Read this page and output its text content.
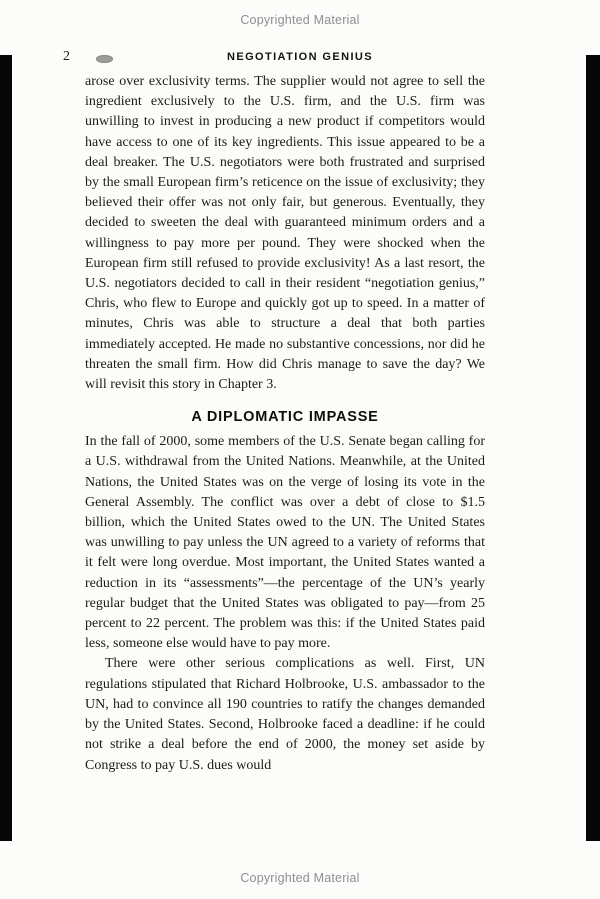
Copyrighted Material
2	NEGOTIATION GENIUS

arose over exclusivity terms. The supplier would not agree to sell the ingredient exclusively to the U.S. firm, and the U.S. firm was unwilling to invest in producing a new product if competitors would have access to one of its key ingredients. This issue appeared to be a deal breaker. The U.S. negotiators were both frustrated and surprised by the small European firm’s reticence on the issue of exclusivity; they believed their offer was not only fair, but generous. Eventually, they decided to sweeten the deal with guaranteed minimum orders and a willingness to pay more per pound. They were shocked when the European firm still refused to provide exclusivity! As a last resort, the U.S. negotiators decided to call in their resident “negotiation genius,” Chris, who flew to Europe and quickly got up to speed. In a matter of minutes, Chris was able to structure a deal that both parties immediately accepted. He made no substantive concessions, nor did he threaten the small firm. How did Chris manage to save the day? We will revisit this story in Chapter 3.

A DIPLOMATIC IMPASSE

In the fall of 2000, some members of the U.S. Senate began calling for a U.S. withdrawal from the United Nations. Meanwhile, at the United Nations, the United States was on the verge of losing its vote in the General Assembly. The conflict was over a debt of close to $1.5 billion, which the United States owed to the UN. The United States was unwilling to pay unless the UN agreed to a variety of reforms that it felt were long overdue. Most important, the United States wanted a reduction in its “assessments”—the percentage of the UN’s yearly regular budget that the United States was obligated to pay—from 25 percent to 22 percent. The problem was this: if the United States paid less, someone else would have to pay more.

There were other serious complications as well. First, UN regulations stipulated that Richard Holbrooke, U.S. ambassador to the UN, had to convince all 190 countries to ratify the changes demanded by the United States. Second, Holbrooke faced a deadline: if he could not strike a deal before the end of 2000, the money set aside by Congress to pay U.S. dues would

Copyrighted Material
